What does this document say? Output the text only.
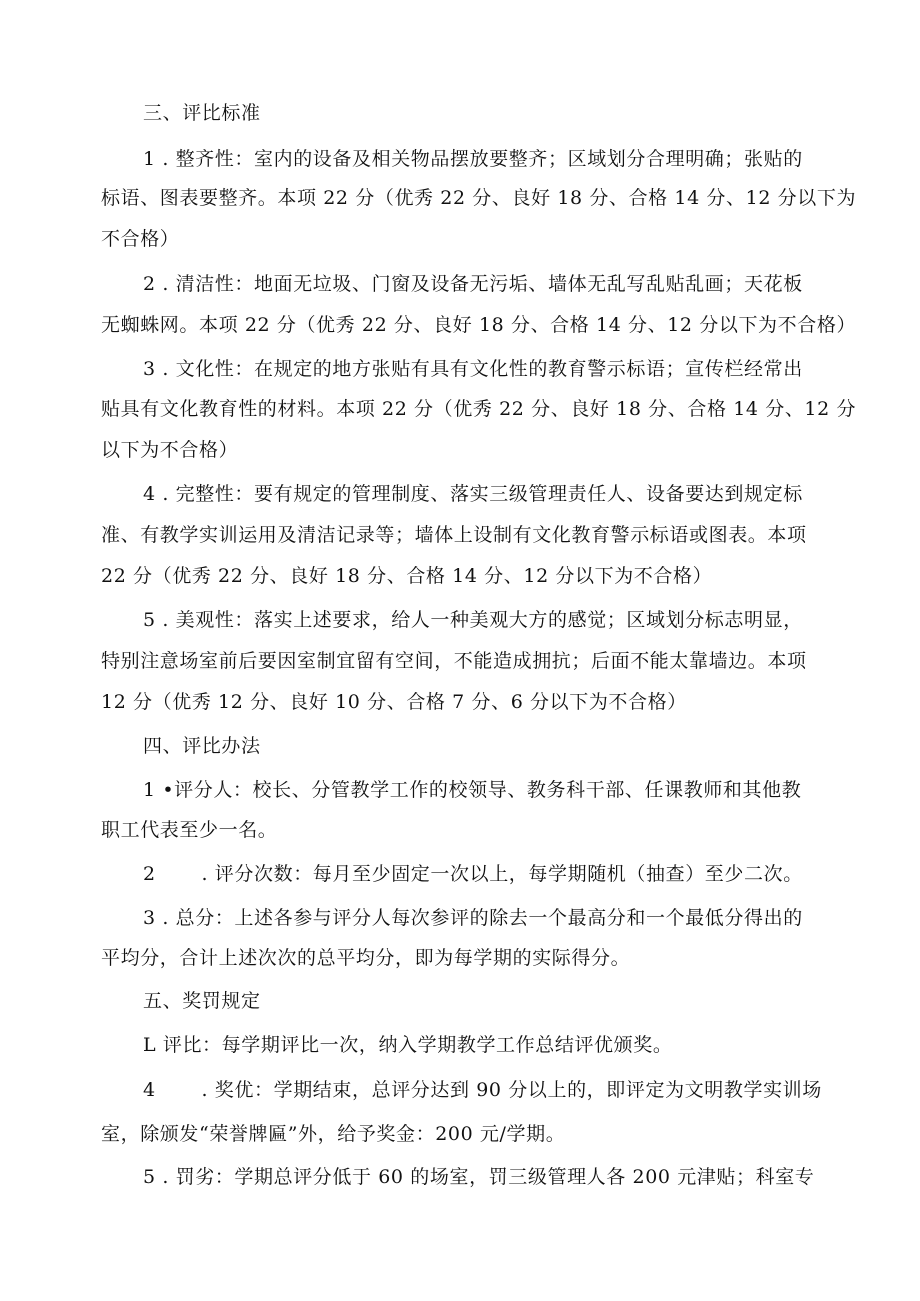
三、评比标准
1 . 整齐性：室内的设备及相关物品摆放要整齐；区域划分合理明确；张贴的
标语、图表要整齐。本项 22 分（优秀 22 分、良好 18 分、合格 14 分、12 分以下为
不合格）
2 . 清洁性：地面无垃圾、门窗及设备无污垢、墙体无乱写乱贴乱画；天花板
无蜘蛛网。本项 22 分（优秀 22 分、良好 18 分、合格 14 分、12 分以下为不合格）
3 . 文化性：在规定的地方张贴有具有文化性的教育警示标语；宣传栏经常出
贴具有文化教育性的材料。本项 22 分（优秀 22 分、良好 18 分、合格 14 分、12 分
以下为不合格）
4 . 完整性：要有规定的管理制度、落实三级管理责任人、设备要达到规定标
准、有教学实训运用及清洁记录等；墙体上设制有文化教育警示标语或图表。本项
22 分（优秀 22 分、良好 18 分、合格 14 分、12 分以下为不合格）
5 . 美观性：落实上述要求，给人一种美观大方的感觉；区域划分标志明显，
特别注意场室前后要因室制宜留有空间，不能造成拥抗；后面不能太靠墙边。本项
12 分（优秀 12 分、良好 10 分、合格 7 分、6 分以下为不合格）
四、评比办法
1 •评分人：校长、分管教学工作的校领导、教务科干部、任课教师和其他教
职工代表至少一名。
2 　　. 评分次数：每月至少固定一次以上，每学期随机（抽查）至少二次。
3 . 总分：上述各参与评分人每次参评的除去一个最高分和一个最低分得出的
平均分，合计上述次次的总平均分，即为每学期的实际得分。
五、奖罚规定
L 评比：每学期评比一次，纳入学期教学工作总结评优颁奖。
4 　　. 奖优：学期结束，总评分达到 90 分以上的，即评定为文明教学实训场
室，除颁发“荣誉牌匾”外，给予奖金：200 元/学期。
5 . 罚劣：学期总评分低于 60 的场室，罚三级管理人各 200 元津贴；科室专
